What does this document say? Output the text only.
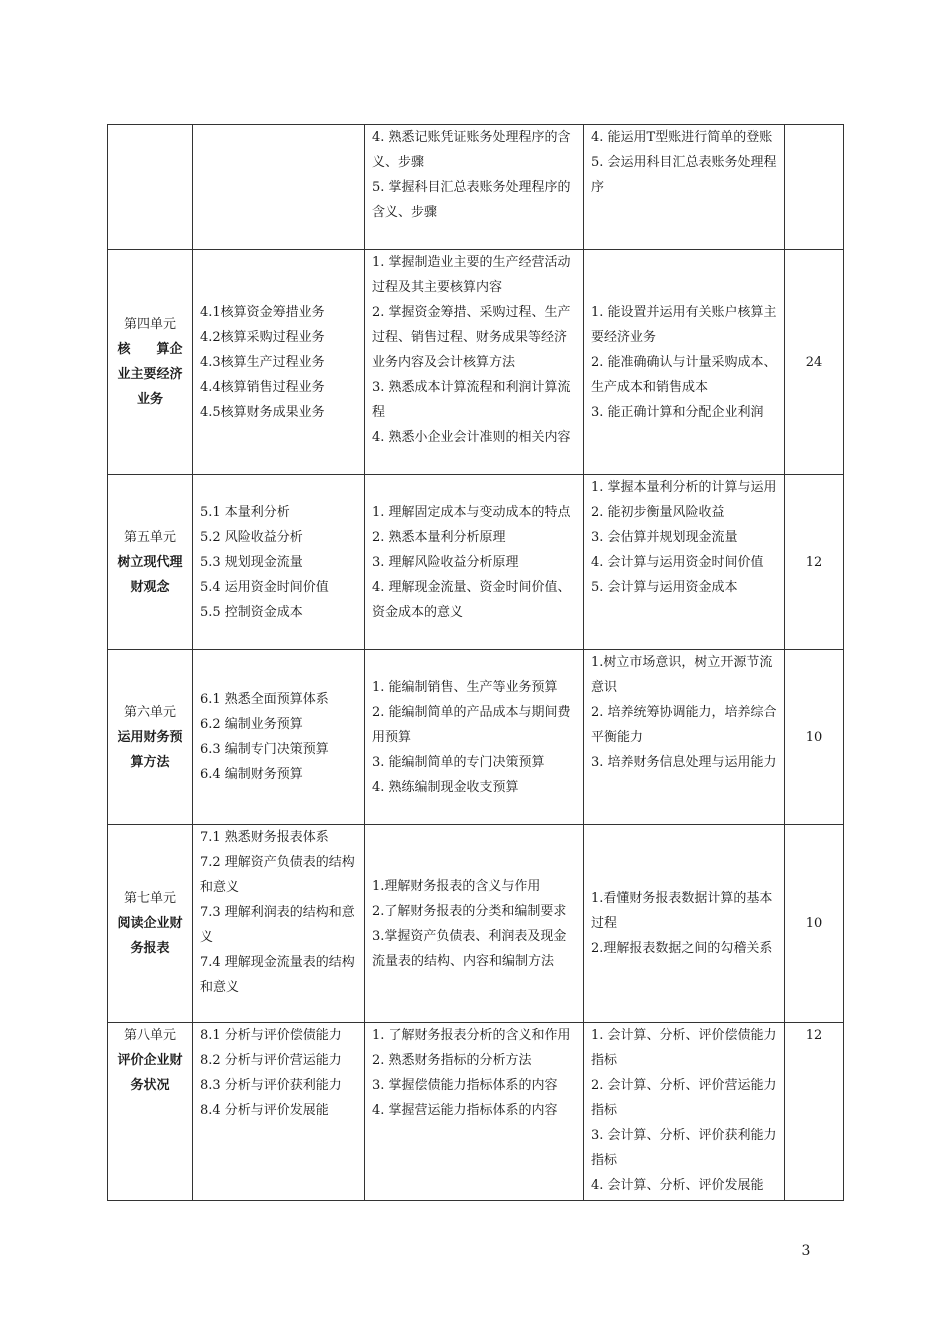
		4. 熟悉记账凭证账务处理程序的含义、步骤
5. 掌握科目汇总表账务处理程序的含义、步骤	4. 能运用T型账进行简单的登账
5. 会运用科目汇总表账务处理程序	

第四单元
核　　算企业主要经济业务	4.1核算资金筹措业务
4.2核算采购过程业务
4.3核算生产过程业务
4.4核算销售过程业务
4.5核算财务成果业务	1. 掌握制造业主要的生产经营活动过程及其主要核算内容
2. 掌握资金筹措、采购过程、生产过程、销售过程、财务成果等经济业务内容及会计核算方法
3. 熟悉成本计算流程和利润计算流程
4. 熟悉小企业会计准则的相关内容	1. 能设置并运用有关账户核算主要经济业务
2. 能准确确认与计量采购成本、生产成本和销售成本
3. 能正确计算和分配企业利润	24

第五单元
树立现代理财观念	5.1 本量利分析
5.2 风险收益分析
5.3 规划现金流量
5.4 运用资金时间价值
5.5 控制资金成本	1. 理解固定成本与变动成本的特点
2. 熟悉本量利分析原理
3. 理解风险收益分析原理
4. 理解现金流量、资金时间价值、资金成本的意义	1. 掌握本量利分析的计算与运用
2. 能初步衡量风险收益
3. 会估算并规划现金流量
4. 会计算与运用资金时间价值
5. 会计算与运用资金成本	12

第六单元
运用财务预算方法	6.1 熟悉全面预算体系
6.2 编制业务预算
6.3 编制专门决策预算
6.4 编制财务预算	1. 能编制销售、生产等业务预算
2. 能编制简单的产品成本与期间费用预算
3. 能编制简单的专门决策预算
4. 熟练编制现金收支预算	1.树立市场意识，树立开源节流意识
2. 培养统筹协调能力，培养综合平衡能力
3. 培养财务信息处理与运用能力	10

第七单元
阅读企业财务报表	7.1 熟悉财务报表体系
7.2 理解资产负债表的结构和意义
7.3 理解利润表的结构和意义
7.4 理解现金流量表的结构和意义	1.理解财务报表的含义与作用
2.了解财务报表的分类和编制要求
3.掌握资产负债表、利润表及现金流量表的结构、内容和编制方法	1.看懂财务报表数据计算的基本过程
2.理解报表数据之间的勾稽关系	10

第八单元
评价企业财务状况	8.1 分析与评价偿债能力
8.2 分析与评价营运能力
8.3 分析与评价获利能力
8.4 分析与评价发展能	1. 了解财务报表分析的含义和作用
2. 熟悉财务指标的分析方法
3. 掌握偿债能力指标体系的内容
4. 掌握营运能力指标体系的内容	1. 会计算、分析、评价偿债能力指标
2. 会计算、分析、评价营运能力指标
3. 会计算、分析、评价获利能力指标
4. 会计算、分析、评价发展能	12
3
